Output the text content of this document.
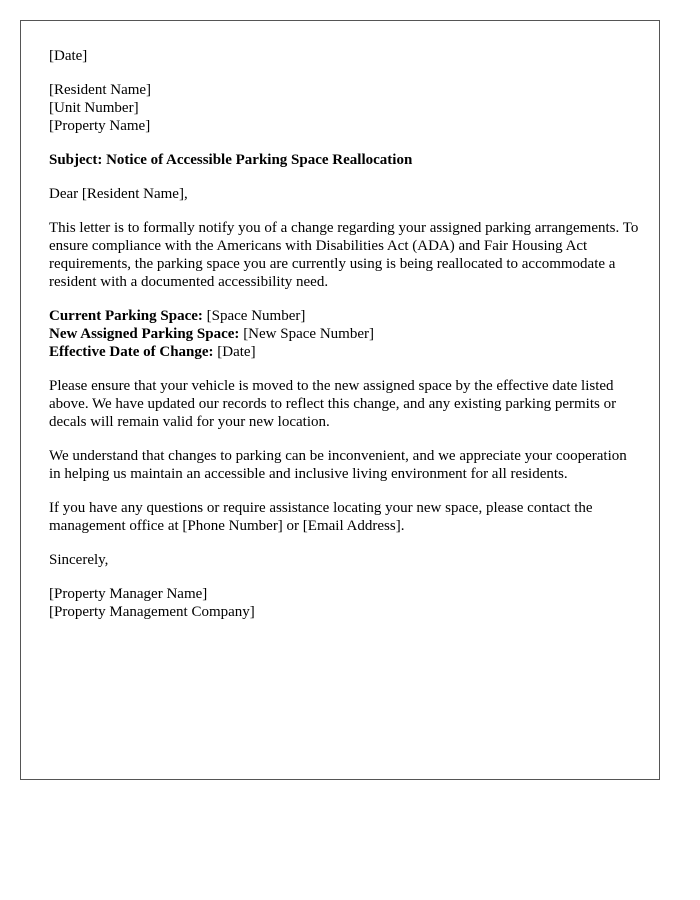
[Date]

[Resident Name]
[Unit Number]
[Property Name]

Subject: Notice of Accessible Parking Space Reallocation

Dear [Resident Name],

This letter is to formally notify you of a change regarding your assigned parking arrangements. To ensure compliance with the Americans with Disabilities Act (ADA) and Fair Housing Act requirements, the parking space you are currently using is being reallocated to accommodate a resident with a documented accessibility need.

Current Parking Space: [Space Number]
New Assigned Parking Space: [New Space Number]
Effective Date of Change: [Date]

Please ensure that your vehicle is moved to the new assigned space by the effective date listed above. We have updated our records to reflect this change, and any existing parking permits or decals will remain valid for your new location.

We understand that changes to parking can be inconvenient, and we appreciate your cooperation in helping us maintain an accessible and inclusive living environment for all residents.

If you have any questions or require assistance locating your new space, please contact the management office at [Phone Number] or [Email Address].

Sincerely,

[Property Manager Name]
[Property Management Company]
